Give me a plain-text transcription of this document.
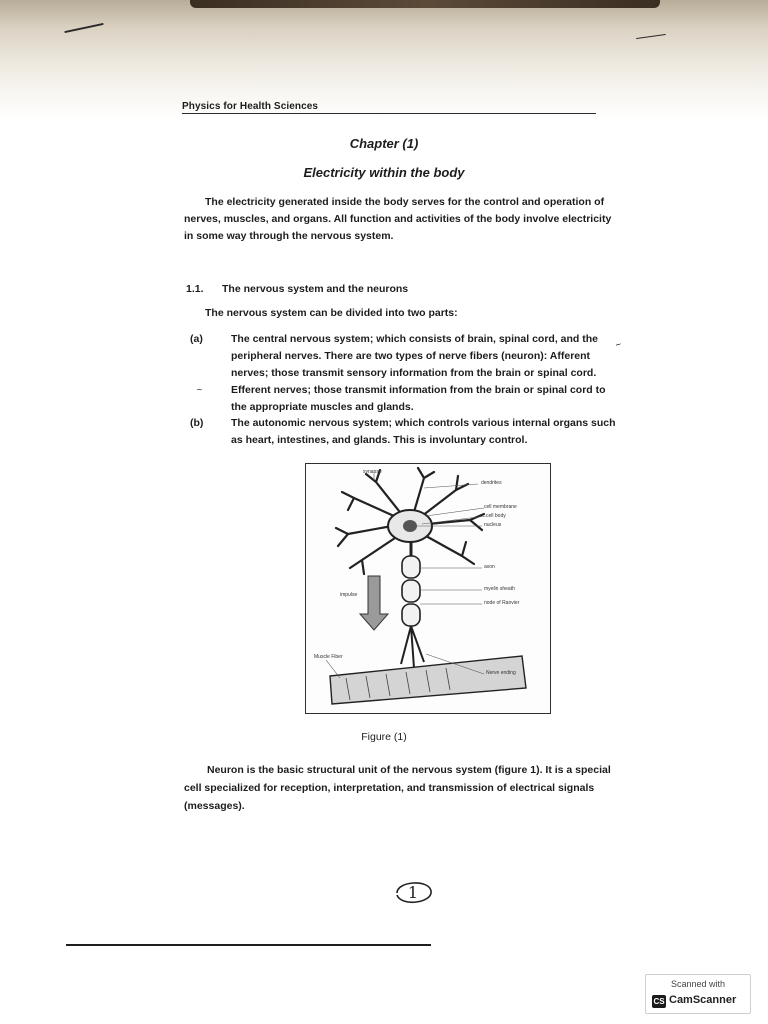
Physics for Health Sciences
Chapter (1)
Electricity within the body
The electricity generated inside the body serves for the control and operation of
nerves, muscles, and organs. All function and activities of the body involve electricity
in some way through the nervous system.
1.1. The nervous system and the neurons
The nervous system can be divided into two parts:
(a)	The central nervous system; which consists of brain, spinal cord, and the
peripheral nerves. There are two types of nerve fibers (neuron): Afferent
nerves; those transmit sensory information from the brain or spinal cord.
Efferent nerves; those transmit information from the brain or spinal cord to
the appropriate muscles and glands.
(b)	The autonomic nervous system; which controls various internal organs such
as heart, intestines, and glands. This is involuntary control.
~
~
synapse
dendrites
cell membrane
cell body
nucleus
axon
myelin sheath
node of Ranvier
impulse
Muscle Fiber
Nerve ending
Figure (1)
Neuron is the basic structural unit of the nervous system (figure 1). It is a special
cell specialized for reception, interpretation, and transmission of electrical signals
(messages).
1
Scanned with
CS CamScanner
